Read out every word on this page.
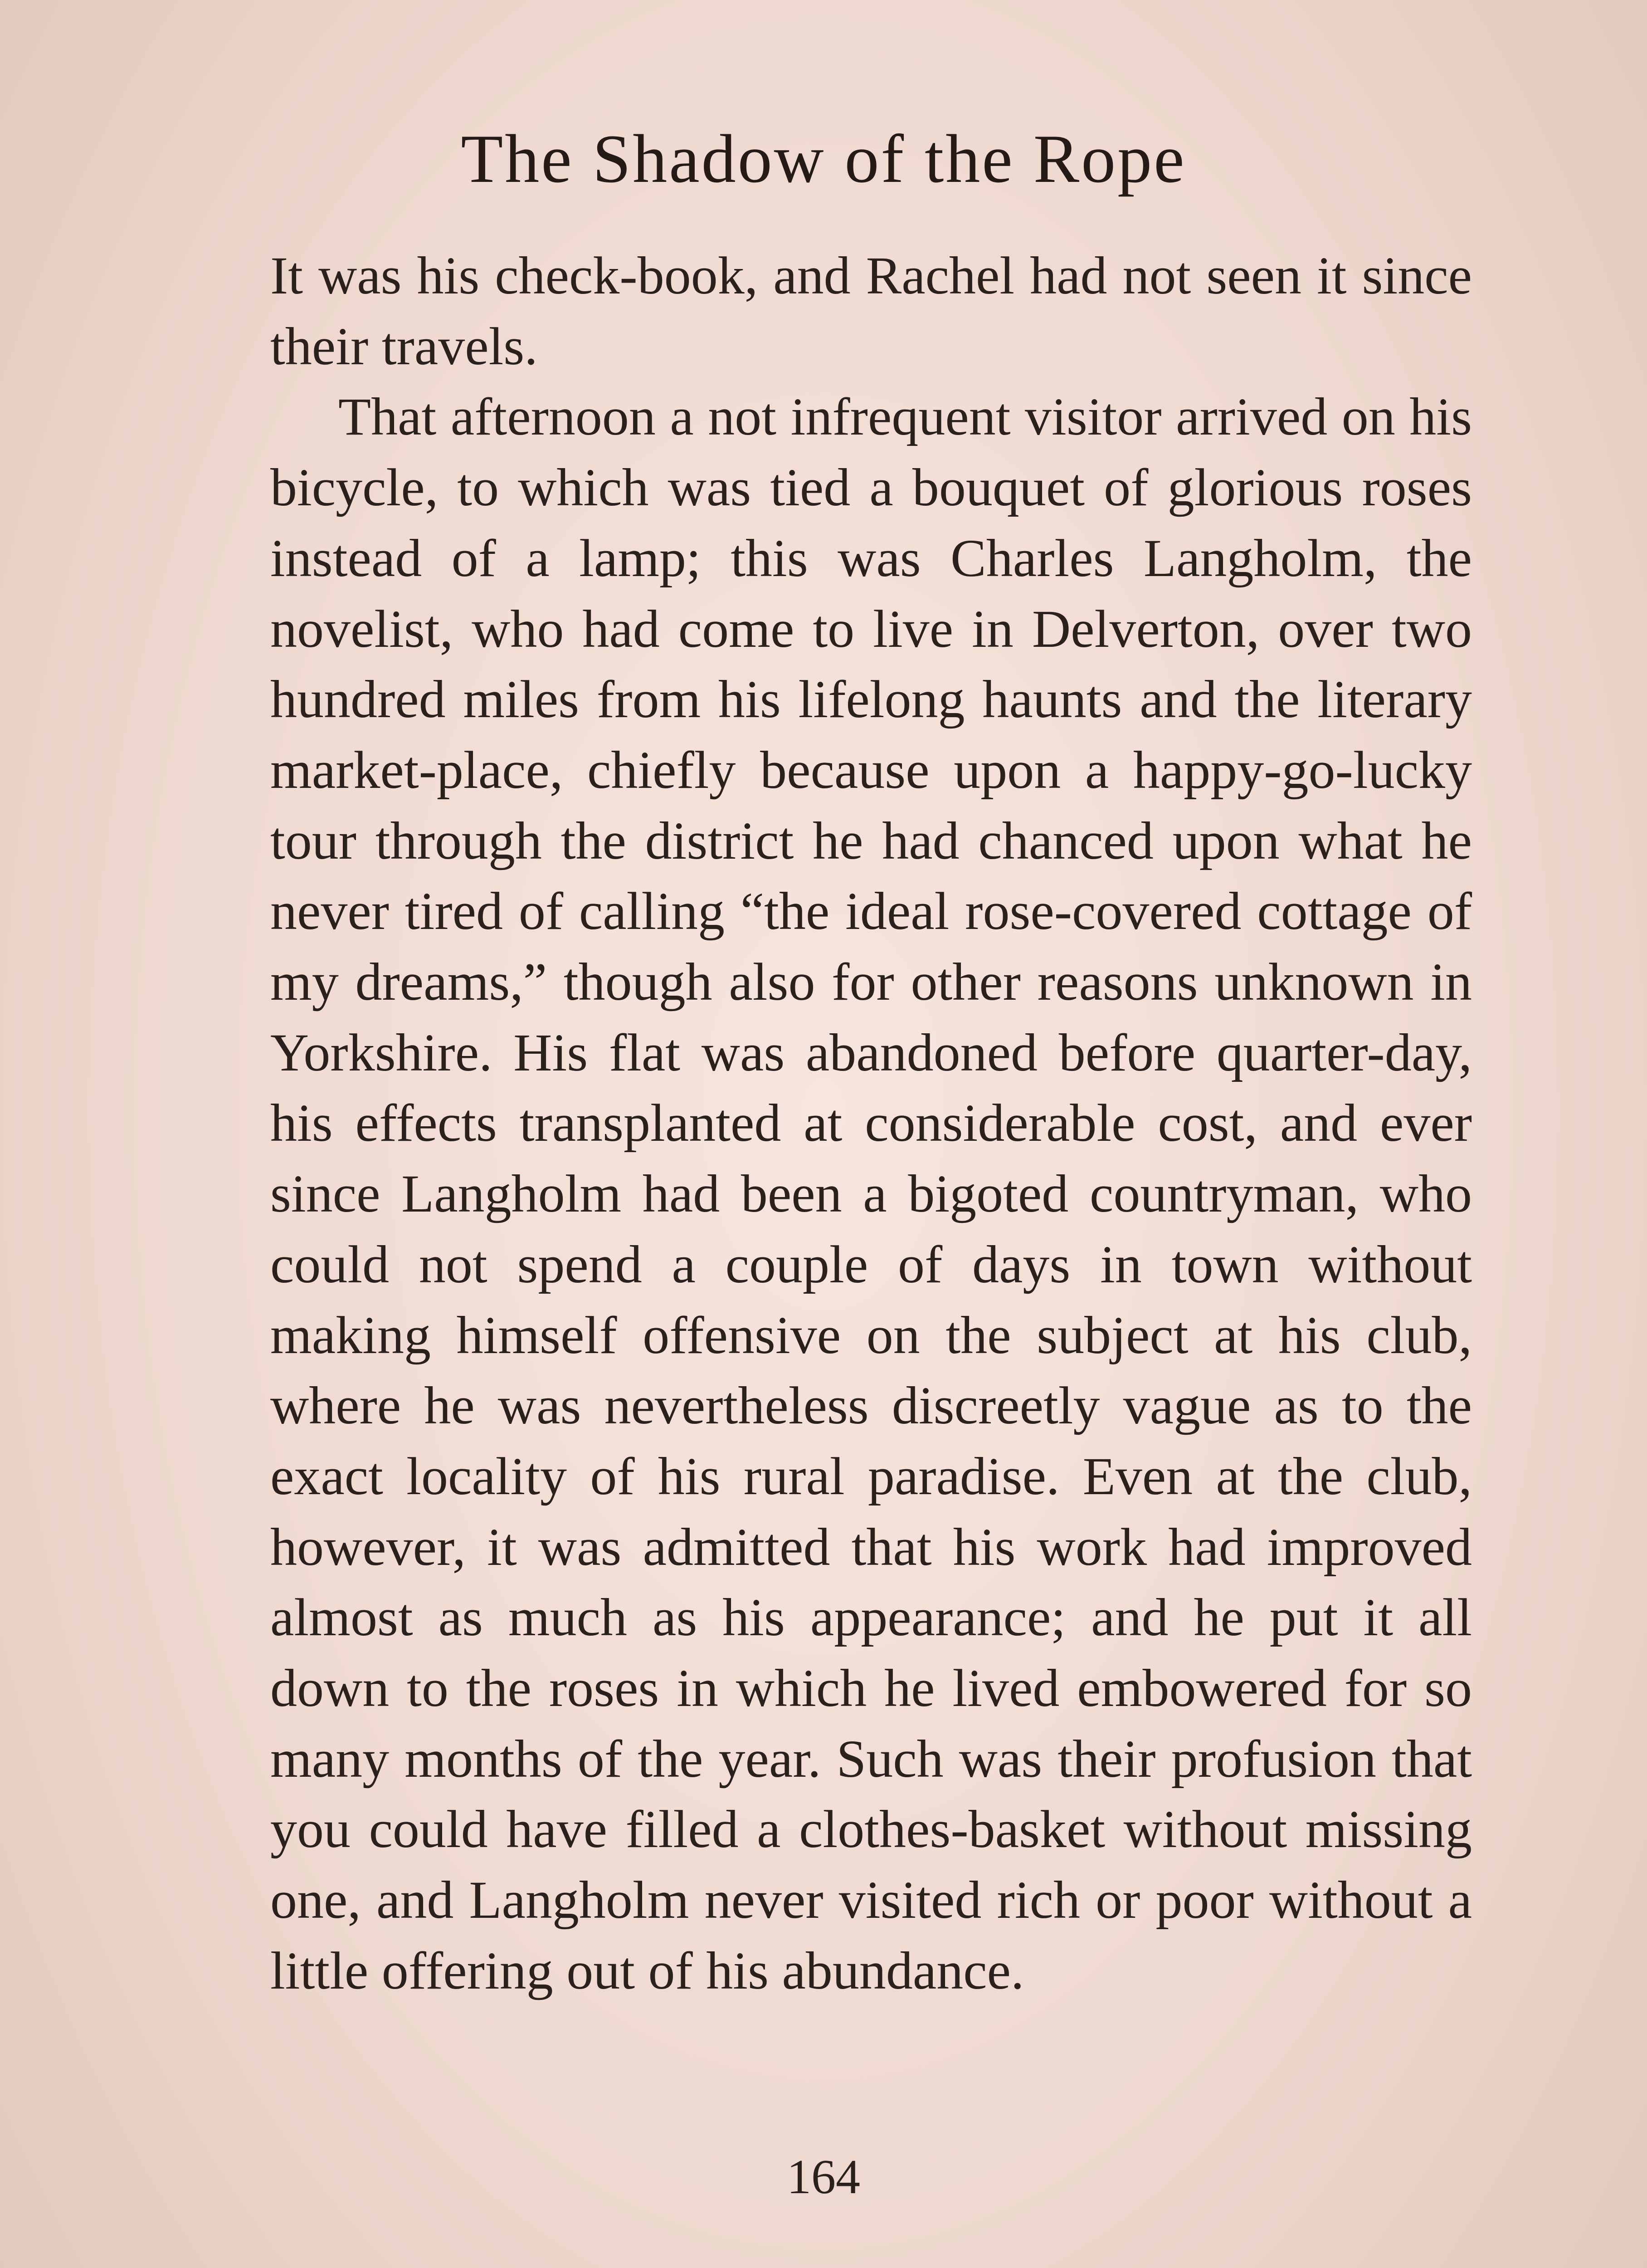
The Shadow of the Rope

It was his check-book, and Rachel had not seen it since their travels.

That afternoon a not infrequent visitor arrived on his bicycle, to which was tied a bouquet of glorious roses instead of a lamp; this was Charles Langholm, the novelist, who had come to live in Delverton, over two hundred miles from his lifelong haunts and the literary market-place, chiefly because upon a happy-go-lucky tour through the district he had chanced upon what he never tired of calling “the ideal rose-covered cottage of my dreams,” though also for other reasons unknown in Yorkshire. His flat was abandoned before quarter-day, his effects transplanted at considerable cost, and ever since Langholm had been a bigoted countryman, who could not spend a couple of days in town without making himself offensive on the subject at his club, where he was nevertheless discreetly vague as to the exact locality of his rural paradise. Even at the club, however, it was admitted that his work had improved almost as much as his appearance; and he put it all down to the roses in which he lived embowered for so many months of the year. Such was their profusion that you could have filled a clothes-basket without missing one, and Langholm never visited rich or poor without a little offering out of his abundance.

164
